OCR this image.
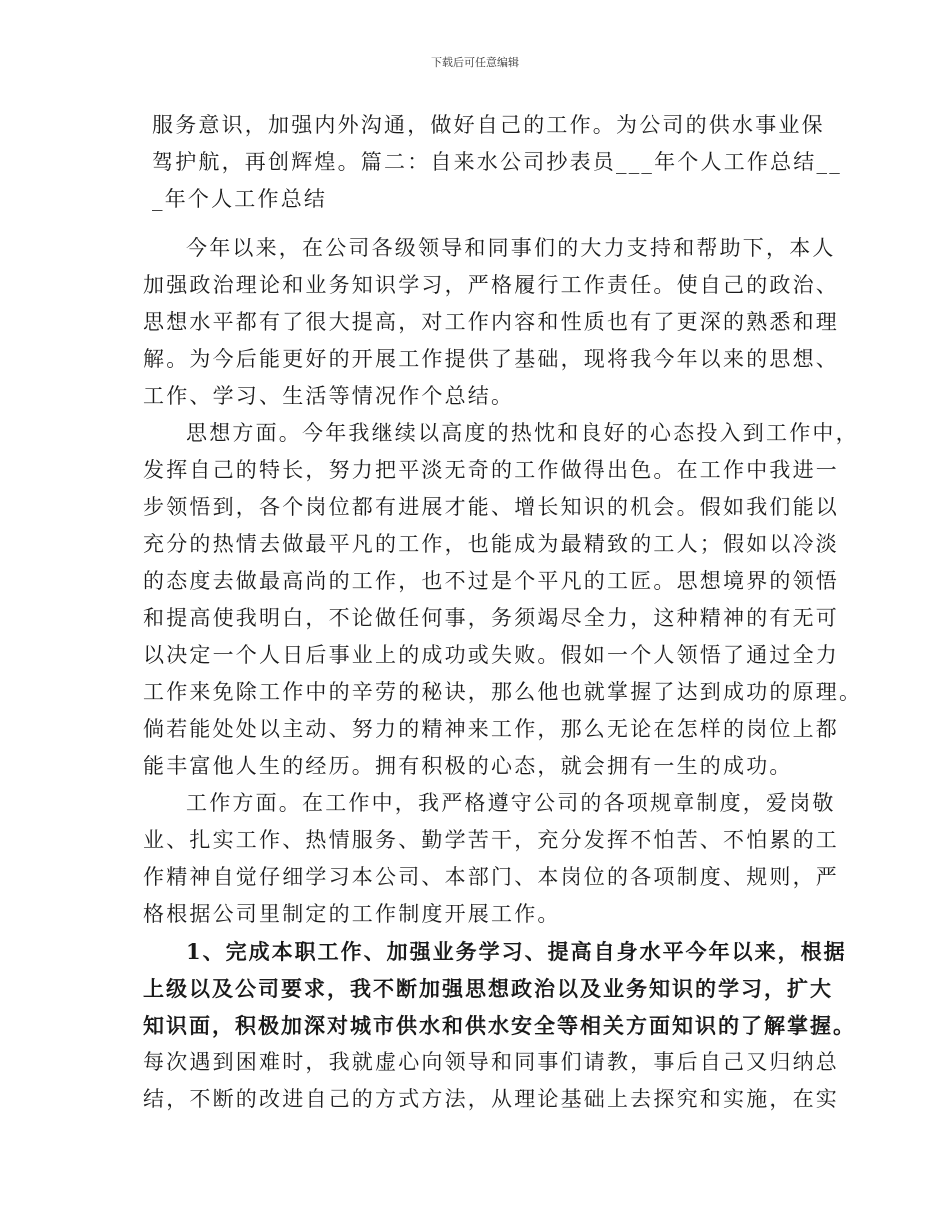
下载后可任意编辑
服务意识，加强内外沟通，做好自己的工作。为公司的供水事业保
驾护航，再创辉煌。篇二：自来水公司抄表员___年个人工作总结__
_年个人工作总结
今年以来，在公司各级领导和同事们的大力支持和帮助下，本人
加强政治理论和业务知识学习，严格履行工作责任。使自己的政治、
思想水平都有了很大提高，对工作内容和性质也有了更深的熟悉和理
解。为今后能更好的开展工作提供了基础，现将我今年以来的思想、
工作、学习、生活等情况作个总结。
思想方面。今年我继续以高度的热忱和良好的心态投入到工作中，
发挥自己的特长，努力把平淡无奇的工作做得出色。在工作中我进一
步领悟到，各个岗位都有进展才能、增长知识的机会。假如我们能以
充分的热情去做最平凡的工作，也能成为最精致的工人；假如以冷淡
的态度去做最高尚的工作，也不过是个平凡的工匠。思想境界的领悟
和提高使我明白，不论做任何事，务须竭尽全力，这种精神的有无可
以决定一个人日后事业上的成功或失败。假如一个人领悟了通过全力
工作来免除工作中的辛劳的秘诀，那么他也就掌握了达到成功的原理。
倘若能处处以主动、努力的精神来工作，那么无论在怎样的岗位上都
能丰富他人生的经历。拥有积极的心态，就会拥有一生的成功。
工作方面。在工作中，我严格遵守公司的各项规章制度，爱岗敬
业、扎实工作、热情服务、勤学苦干，充分发挥不怕苦、不怕累的工
作精神自觉仔细学习本公司、本部门、本岗位的各项制度、规则，严
格根据公司里制定的工作制度开展工作。
1、完成本职工作、加强业务学习、提高自身水平今年以来，根据
上级以及公司要求，我不断加强思想政治以及业务知识的学习，扩大
知识面，积极加深对城市供水和供水安全等相关方面知识的了解掌握。
每次遇到困难时，我就虚心向领导和同事们请教，事后自己又归纳总
结，不断的改进自己的方式方法，从理论基础上去探究和实施，在实
